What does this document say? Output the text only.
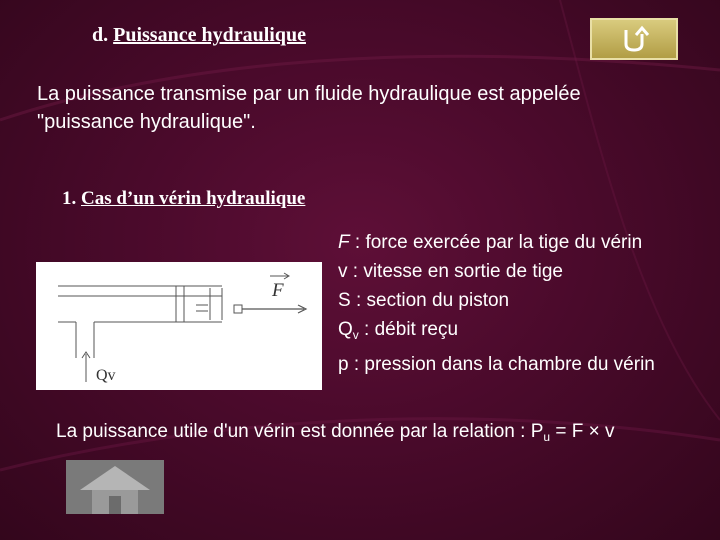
d. Puissance hydraulique
La puissance transmise par un fluide hydraulique est appelée "puissance hydraulique".
1. Cas d’un vérin hydraulique
F
Qv
F : force exercée par la tige du vérin
v : vitesse en sortie de tige
S : section du piston
$Q_v$ : débit reçu
p : pression dans la chambre du vérin
La puissance utile d'un vérin est donnée par la relation : $P_u = F \times v$
